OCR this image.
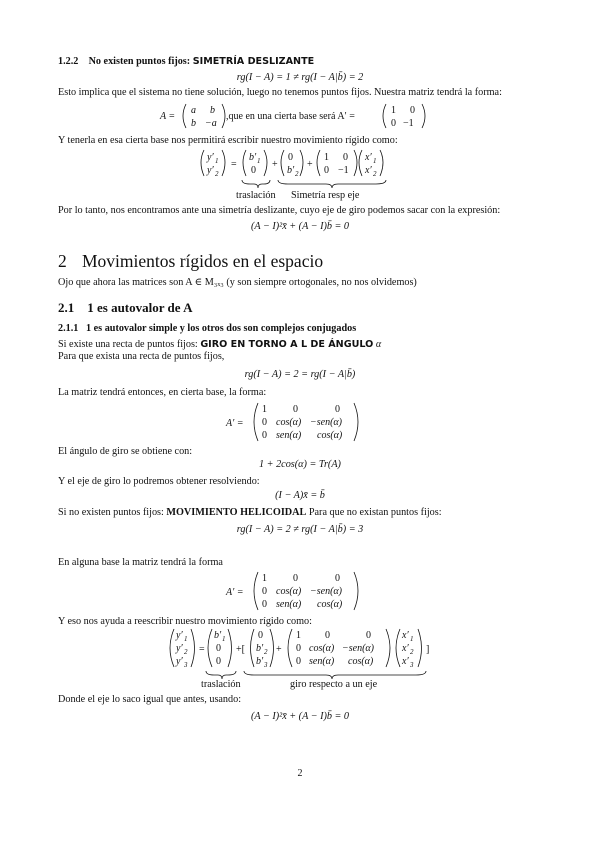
1.2.2 No existen puntos fijos: SIMETRÍA DESLIZANTE
rg(I − A) = 1 ≠ rg(I − A|b̄) = 2
Esto implica que el sistema no tiene solución, luego no tenemos puntos fijos. Nuestra matriz tendrá la forma:
A =
a b
b −a
,que en una cierta base será A′ =
1 0
0 −1
Y tenerla en esa cierta base nos permitirá escribir nuestro movimiento rígido como:
y′ 1
y′ 2
=
b′ 1
0
+
0
b′ 2
+
1 0
0 −1
x′ 1
x′ 2
traslación Simetría resp eje
Por lo tanto, nos encontramos ante una simetría deslizante, cuyo eje de giro podemos sacar con la expresión:
(A − I)²x̄ + (A − I)b̄ = 0
2 Movimientos rígidos en el espacio
Ojo que ahora las matrices son A ∈ M₃ₓ₃ (y son siempre ortogonales, no nos olvidemos)
2.1 1 es autovalor de A
2.1.1 1 es autovalor simple y los otros dos son complejos conjugados
Si existe una recta de puntos fijos: GIRO EN TORNO A L DE ÁNGULO α
Para que exista una recta de puntos fijos,
rg(I − A) = 2 = rg(I − A|b̄)
La matriz tendrá entonces, en cierta base, la forma:
A′ =
1	0	0
0 cos(α) −sen(α)
0 sen(α) cos(α)
El ángulo de giro se obtiene con:
1 + 2cos(α) = Tr(A)
Y el eje de giro lo podremos obtener resolviendo:
(I − A)x̄ = b̄
Si no existen puntos fijos: MOVIMIENTO HELICOIDAL Para que no existan puntos fijos:
rg(I − A) = 2 ≠ rg(I − A|b̄) = 3
En alguna base la matriz tendrá la forma
A′ =
1	0	0
0 cos(α) −sen(α)
0 sen(α) cos(α)
Y eso nos ayuda a reescribir nuestro movimiento rígido como:
y′ 1
y′ 2
y′ 3
=
b′ 1
0
0
+[
0
b′ 2
b′ 3
+
1 0	0
0 cos(α) −sen(α)
0 sen(α) cos(α)
x′ 1
x′ 2
x′ 3
]
traslación	giro respecto a un eje
Donde el eje lo saco igual que antes, usando:
(A − I)²x̄ + (A − I)b̄ = 0
2
